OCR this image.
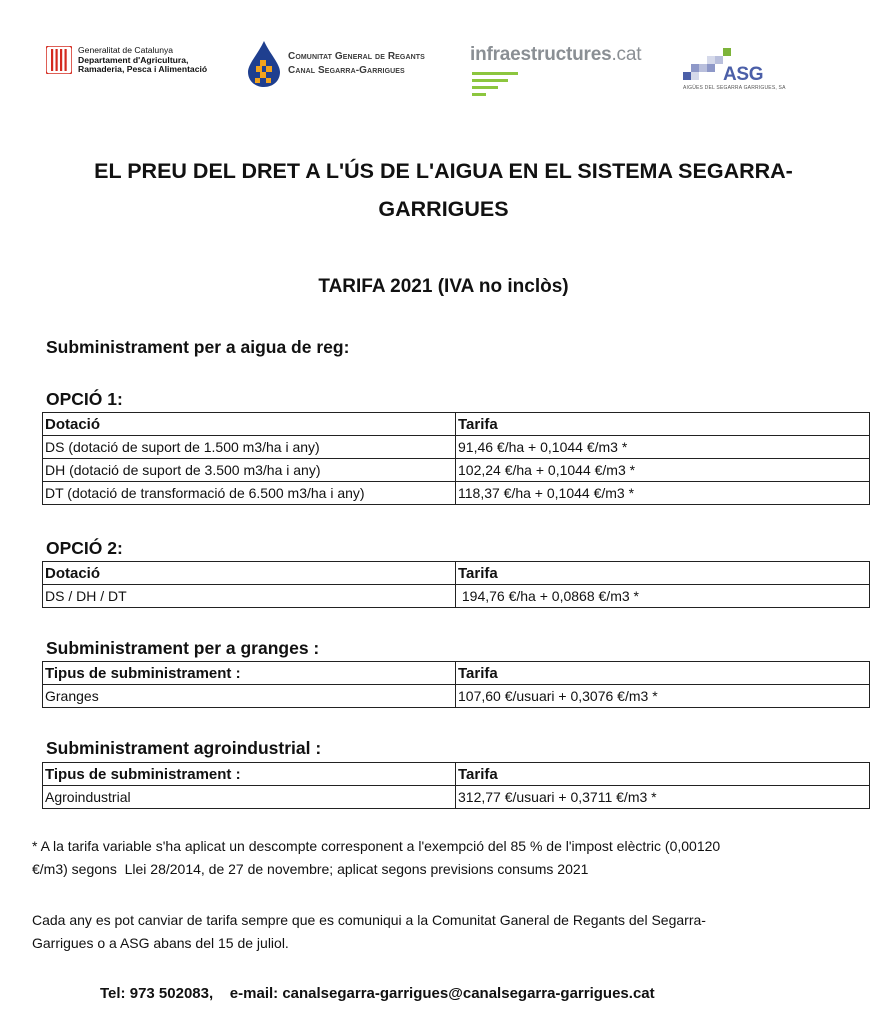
Generalitat de Catalunya
Departament d'Agricultura,
Ramaderia, Pesca i Alimentació
Comunitat General de Regants
Canal Segarra-Garrigues
infraestructures.cat
ASG
AIGÜES DEL SEGARRA GARRIGUES, SA
EL PREU DEL DRET A L'ÚS DE L'AIGUA EN EL SISTEMA SEGARRA-
GARRIGUES
TARIFA 2021 (IVA no inclòs)
Subministrament per a aigua de reg:
OPCIÓ 1:
Dotació	Tarifa
DS (dotació de suport de 1.500 m3/ha i any)	91,46 €/ha + 0,1044 €/m3 *
DH (dotació de suport de 3.500 m3/ha i any)	102,24 €/ha + 0,1044 €/m3 *
DT (dotació de transformació de 6.500 m3/ha i any)	118,37 €/ha + 0,1044 €/m3 *
OPCIÓ 2:
Dotació	Tarifa
DS / DH / DT	194,76 €/ha + 0,0868 €/m3 *
Subministrament per a granges :
Tipus de subministrament :	Tarifa
Granges	107,60 €/usuari + 0,3076 €/m3 *
Subministrament agroindustrial :
Tipus de subministrament :	Tarifa
Agroindustrial	312,77 €/usuari + 0,3711 €/m3 *
* A la tarifa variable s'ha aplicat un descompte corresponent a l'exempció del 85 % de l'impost elèctric (0,00120
€/m3) segons  Llei 28/2014, de 27 de novembre; aplicat segons previsions consums 2021
Cada any es pot canviar de tarifa sempre que es comuniqui a la Comunitat Ganeral de Regants del Segarra-
Garrigues o a ASG abans del 15 de juliol.
Tel: 973 502083,    e-mail: canalsegarra-garrigues@canalsegarra-garrigues.cat
